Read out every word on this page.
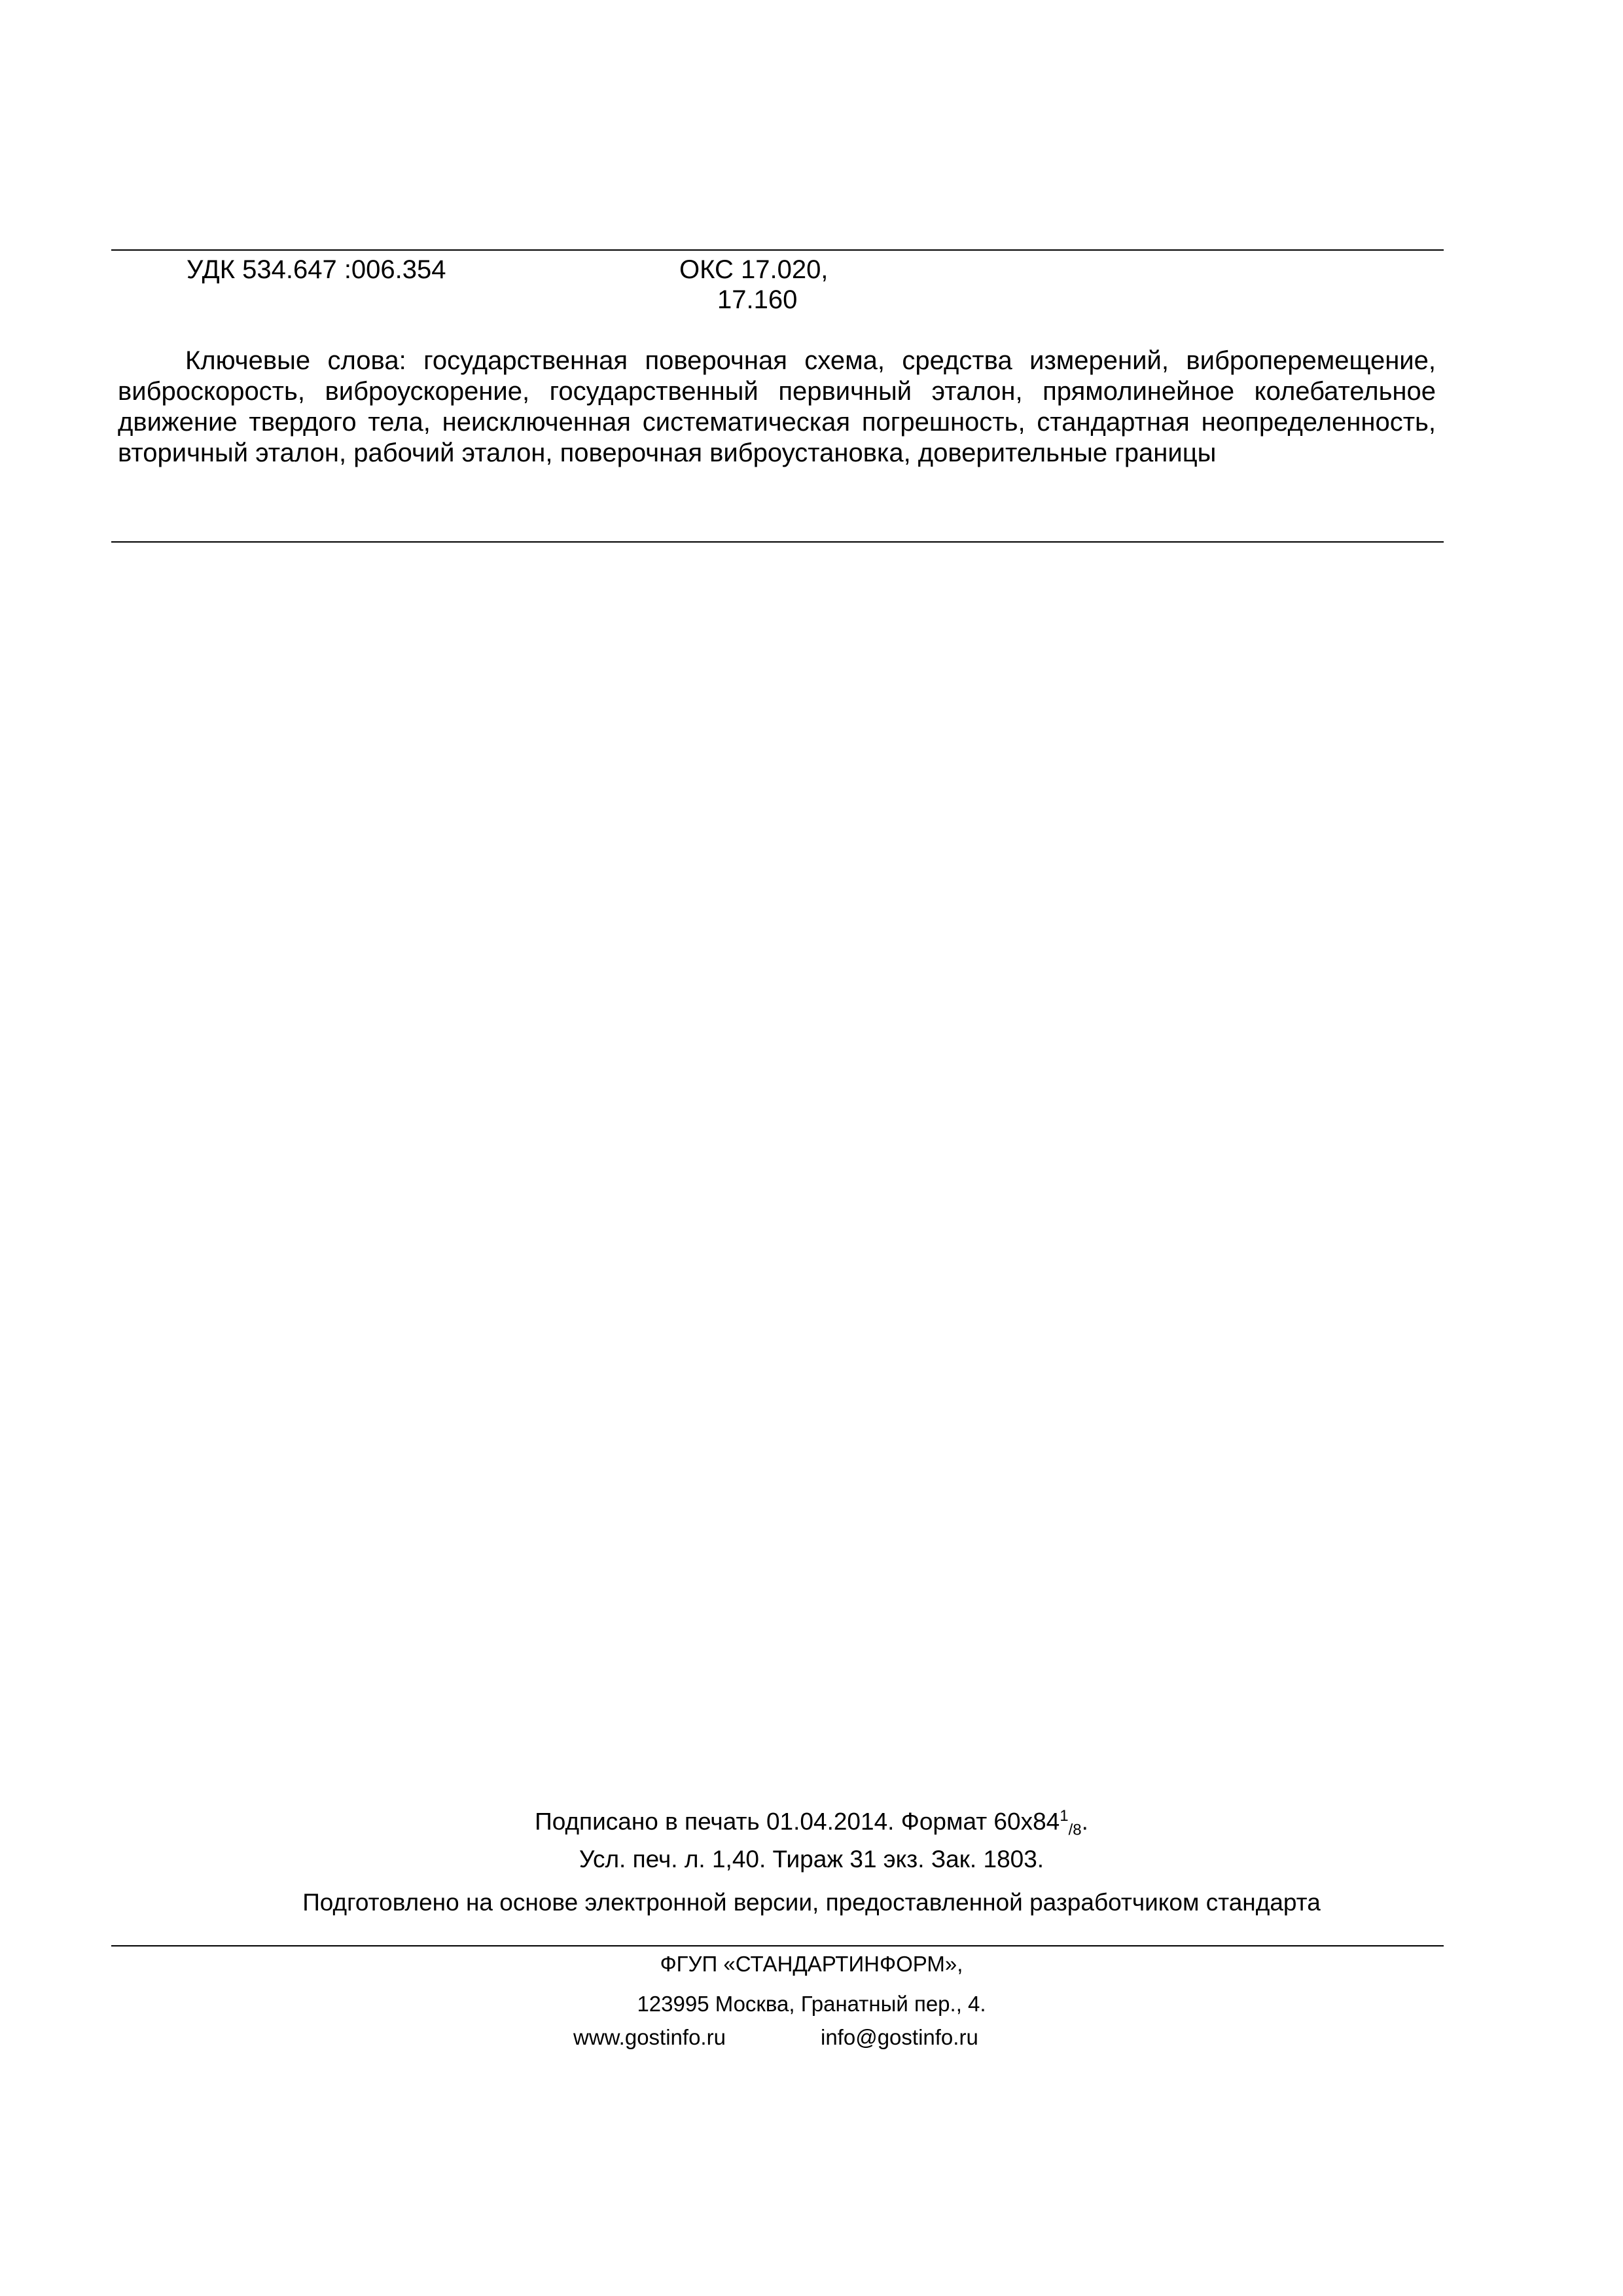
УДК 534.647 :006.354	ОКС 17.020,
17.160
Ключевые слова: государственная поверочная схема, средства измерений, виброперемещение, виброскорость, виброускорение, государственный первичный эталон, прямолинейное колебательное движение твердого тела, неисключенная систематическая погрешность, стандартная неопределенность, вторичный эталон, рабочий эталон, поверочная виброустановка, доверительные границы
Подписано в печать 01.04.2014. Формат $60x84^1_{/8}$.
Усл. печ. л. 1,40. Тираж 31 экз. Зак. 1803.
Подготовлено на основе электронной версии, предоставленной разработчиком стандарта
ФГУП «СТАНДАРТИНФОРМ»,
123995 Москва, Гранатный пер., 4.
www.gostinfo.ru	info@gostinfo.ru
